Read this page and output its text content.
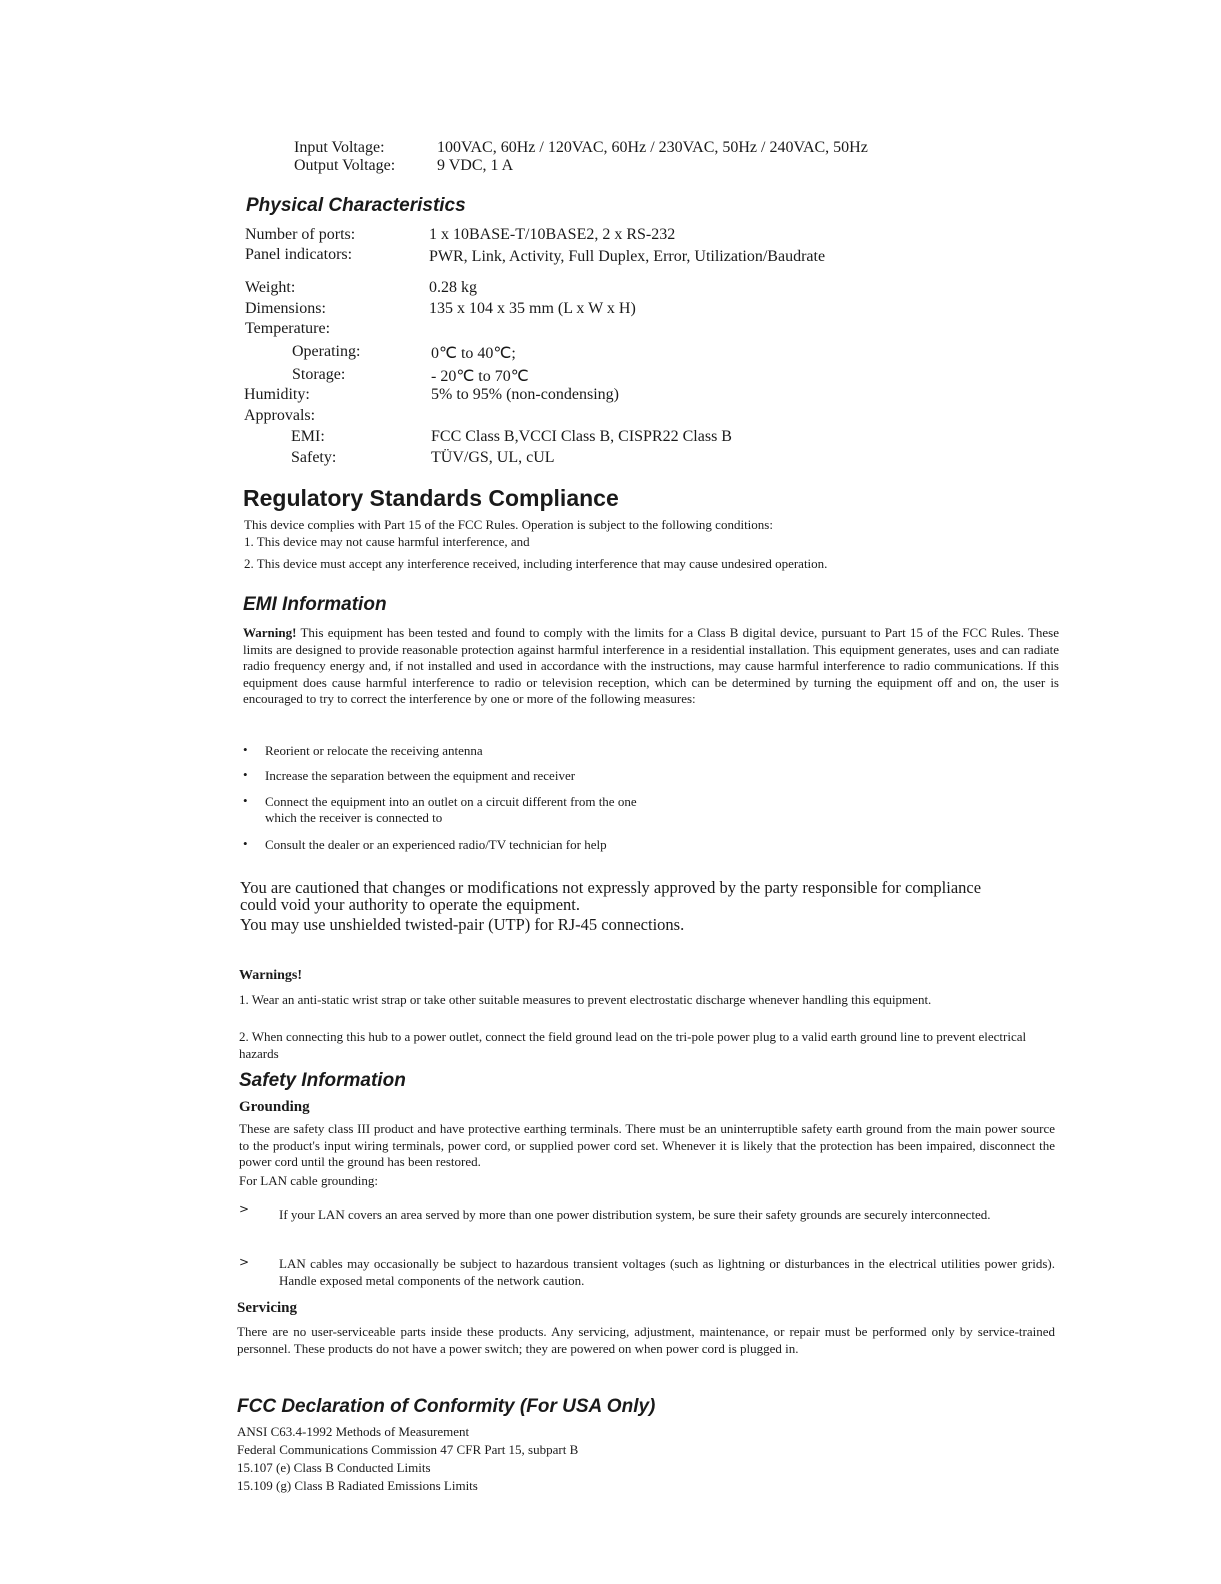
Input Voltage:	100VAC, 60Hz / 120VAC, 60Hz / 230VAC, 50Hz / 240VAC, 50Hz
Output Voltage:	9 VDC, 1 A
Physical Characteristics
Number of ports:	1 x 10BASE-T/10BASE2, 2 x RS-232
Panel indicators:	PWR, Link, Activity, Full Duplex, Error, Utilization/Baudrate
Weight:	0.28 kg
Dimensions:	135 x 104 x 35 mm (L x W x H)
Temperature:
Operating:	0℃ to 40℃;
Storage:	- 20℃ to 70℃
Humidity:	5% to 95% (non-condensing)
Approvals:
EMI:	FCC Class B,VCCI Class B, CISPR22 Class B
Safety:	TÜV/GS, UL, cUL
Regulatory Standards Compliance
This device complies with Part 15 of the FCC Rules. Operation is subject to the following conditions:
1. This device may not cause harmful interference, and
2. This device must accept any interference received, including interference that may cause undesired operation.
EMI Information
Warning! This equipment has been tested and found to comply with the limits for a Class B digital device, pursuant to Part 15 of the FCC Rules. These limits are designed to provide reasonable protection against harmful interference in a residential installation. This equipment generates, uses and can radiate radio frequency energy and, if not installed and used in accordance with the instructions, may cause harmful interference to radio communications. If this equipment does cause harmful interference to radio or television reception, which can be determined by turning the equipment off and on, the user is encouraged to try to correct the interference by one or more of the following measures:
• Reorient or relocate the receiving antenna
• Increase the separation between the equipment and receiver
• Connect the equipment into an outlet on a circuit different from the one
which the receiver is connected to
• Consult the dealer or an experienced radio/TV technician for help
You are cautioned that changes or modifications not expressly approved by the party responsible for compliance
could void your authority to operate the equipment.
You may use unshielded twisted-pair (UTP) for RJ-45 connections.
Warnings!
1. Wear an anti-static wrist strap or take other suitable measures to prevent electrostatic discharge whenever handling this equipment.
2. When connecting this hub to a power outlet, connect the field ground lead on the tri-pole power plug to a valid earth ground line to prevent electrical hazards
Safety Information
Grounding
These are safety class III product and have protective earthing terminals. There must be an uninterruptible safety earth ground from the main power source to the product's input wiring terminals, power cord, or supplied power cord set. Whenever it is likely that the protection has been impaired, disconnect the power cord until the ground has been restored.
For LAN cable grounding:
> If your LAN covers an area served by more than one power distribution system, be sure their safety grounds are securely interconnected.
> LAN cables may occasionally be subject to hazardous transient voltages (such as lightning or disturbances in the electrical utilities power grids). Handle exposed metal components of the network caution.
Servicing
There are no user-serviceable parts inside these products. Any servicing, adjustment, maintenance, or repair must be performed only by service-trained personnel. These products do not have a power switch; they are powered on when power cord is plugged in.
FCC Declaration of Conformity (For USA Only)
ANSI C63.4-1992 Methods of Measurement
Federal Communications Commission 47 CFR Part 15, subpart B
15.107 (e) Class B Conducted Limits
15.109 (g) Class B Radiated Emissions Limits
